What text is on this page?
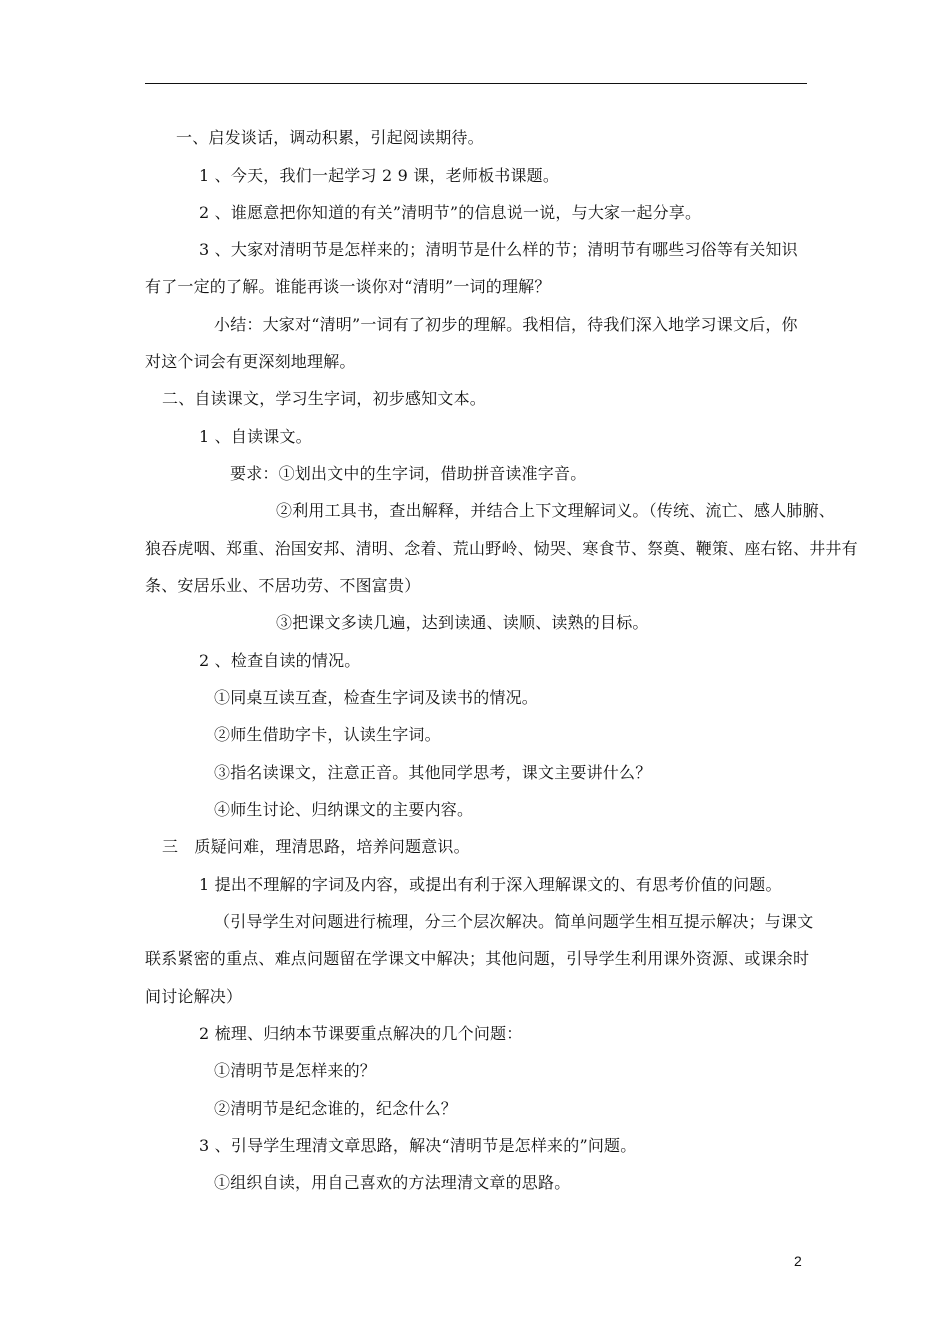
一、启发谈话，调动积累，引起阅读期待。
1 、今天，我们一起学习 2 9 课，老师板书课题。
2 、谁愿意把你知道的有关”清明节”的信息说一说，与大家一起分享。
3 、大家对清明节是怎样来的；清明节是什么样的节；清明节有哪些习俗等有关知识
有了一定的了解。谁能再谈一谈你对“清明”一词的理解？
小结：大家对“清明”一词有了初步的理解。我相信，待我们深入地学习课文后，你
对这个词会有更深刻地理解。
二、自读课文，学习生字词，初步感知文本。
1 、自读课文。
要求：①划出文中的生字词，借助拼音读准字音。
②利用工具书，查出解释，并结合上下文理解词义。（传统、流亡、感人肺腑、
狼吞虎咽、郑重、治国安邦、清明、念着、荒山野岭、恸哭、寒食节、祭奠、鞭策、座右铭、井井有
条、安居乐业、不居功劳、不图富贵）
③把课文多读几遍，达到读通、读顺、读熟的目标。
2 、检查自读的情况。
①同桌互读互查，检查生字词及读书的情况。
②师生借助字卡，认读生字词。
③指名读课文，注意正音。其他同学思考，课文主要讲什么？
④师生讨论、归纳课文的主要内容。
三　质疑问难，理清思路，培养问题意识。
1 提出不理解的字词及内容，或提出有利于深入理解课文的、有思考价值的问题。
（引导学生对问题进行梳理，分三个层次解决。简单问题学生相互提示解决；与课文
联系紧密的重点、难点问题留在学课文中解决；其他问题，引导学生利用课外资源、或课余时
间讨论解决）
2 梳理、归纳本节课要重点解决的几个问题：
①清明节是怎样来的？
②清明节是纪念谁的，纪念什么？
3 、引导学生理清文章思路，解决“清明节是怎样来的”问题。
①组织自读，用自己喜欢的方法理清文章的思路。
2
